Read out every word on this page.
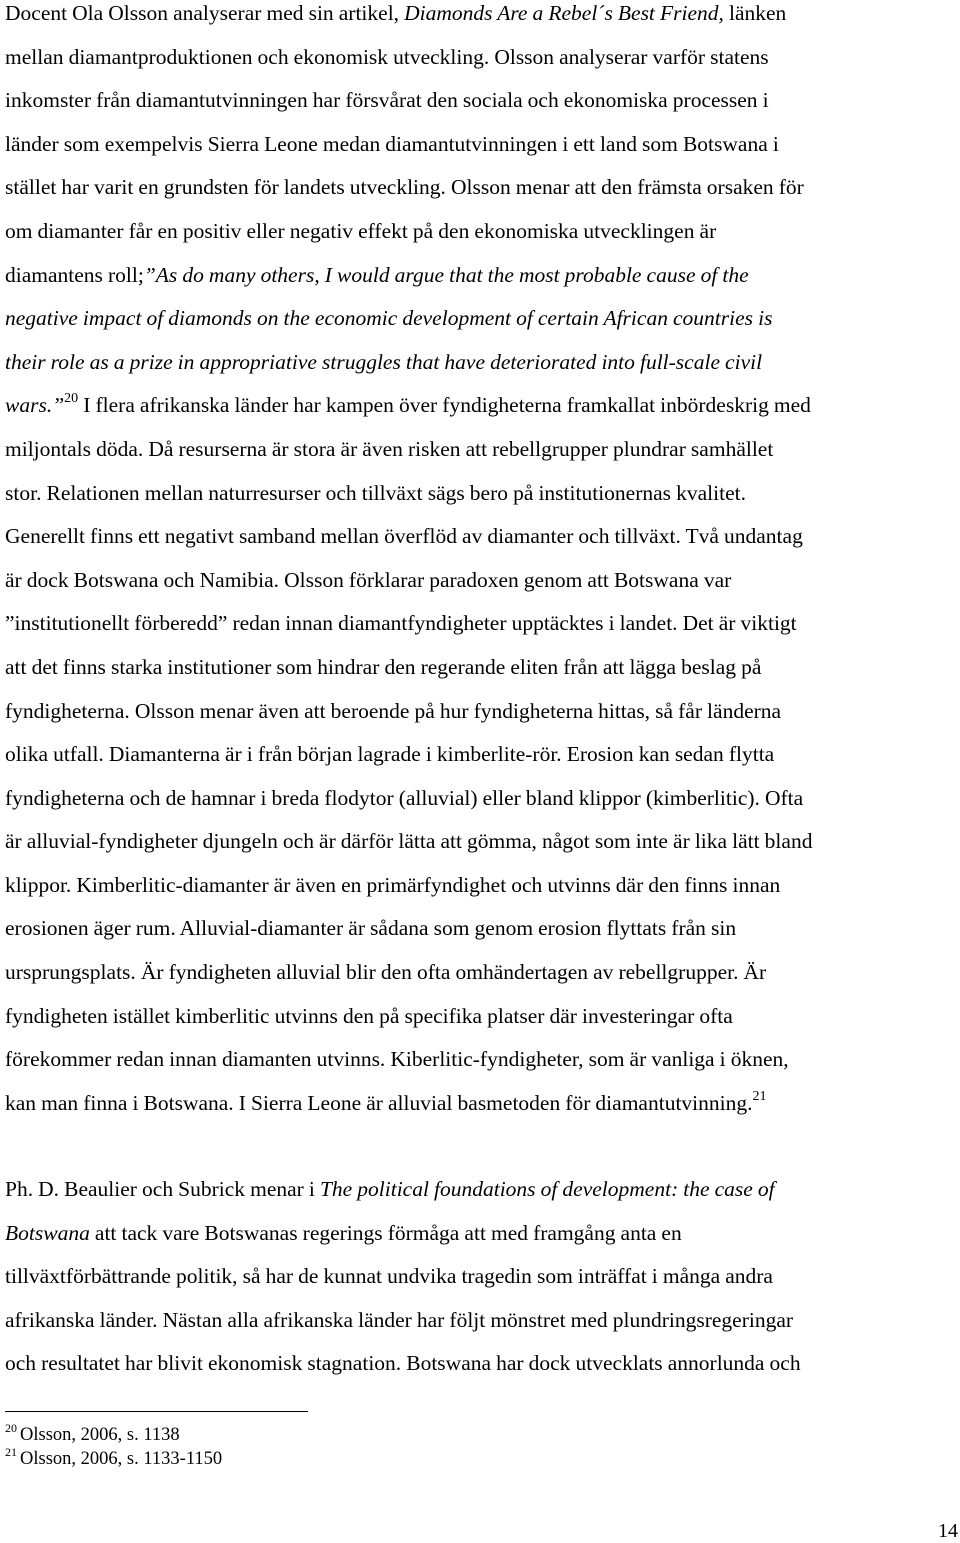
Docent Ola Olsson analyserar med sin artikel, Diamonds Are a Rebel´s Best Friend, länken
mellan diamantproduktionen och ekonomisk utveckling. Olsson analyserar varför statens
inkomster från diamantutvinningen har försvårat den sociala och ekonomiska processen i
länder som exempelvis Sierra Leone medan diamantutvinningen i ett land som Botswana i
stället har varit en grundsten för landets utveckling. Olsson menar att den främsta orsaken för
om diamanter får en positiv eller negativ effekt på den ekonomiska utvecklingen är
diamantens roll;”As do many others, I would argue that the most probable cause of the
negative impact of diamonds on the economic development of certain African countries is
their role as a prize in appropriative struggles that have deteriorated into full-scale civil
wars.”$^{20}$ I flera afrikanska länder har kampen över fyndigheterna framkallat inbördeskrig med
miljontals döda. Då resurserna är stora är även risken att rebellgrupper plundrar samhället
stor. Relationen mellan naturresurser och tillväxt sägs bero på institutionernas kvalitet.
Generellt finns ett negativt samband mellan överflöd av diamanter och tillväxt. Två undantag
är dock Botswana och Namibia. Olsson förklarar paradoxen genom att Botswana var
”institutionellt förberedd” redan innan diamantfyndigheter upptäcktes i landet. Det är viktigt
att det finns starka institutioner som hindrar den regerande eliten från att lägga beslag på
fyndigheterna. Olsson menar även att beroende på hur fyndigheterna hittas, så får länderna
olika utfall. Diamanterna är i från början lagrade i kimberlite-rör. Erosion kan sedan flytta
fyndigheterna och de hamnar i breda flodytor (alluvial) eller bland klippor (kimberlitic). Ofta
är alluvial-fyndigheter djungeln och är därför lätta att gömma, något som inte är lika lätt bland
klippor. Kimberlitic-diamanter är även en primärfyndighet och utvinns där den finns innan
erosionen äger rum. Alluvial-diamanter är sådana som genom erosion flyttats från sin
ursprungsplats. Är fyndigheten alluvial blir den ofta omhändertagen av rebellgrupper. Är
fyndigheten istället kimberlitic utvinns den på specifika platser där investeringar ofta
förekommer redan innan diamanten utvinns. Kiberlitic-fyndigheter, som är vanliga i öknen,
kan man finna i Botswana. I Sierra Leone är alluvial basmetoden för diamantutvinning.$^{21}$
Ph. D. Beaulier och Subrick menar i The political foundations of development: the case of
Botswana att tack vare Botswanas regerings förmåga att med framgång anta en
tillväxtförbättrande politik, så har de kunnat undvika tragedin som inträffat i många andra
afrikanska länder. Nästan alla afrikanska länder har följt mönstret med plundringsregeringar
och resultatet har blivit ekonomisk stagnation. Botswana har dock utvecklats annorlunda och
$^{20}$ Olsson, 2006, s. 1138
$^{21}$ Olsson, 2006, s. 1133-1150
14
